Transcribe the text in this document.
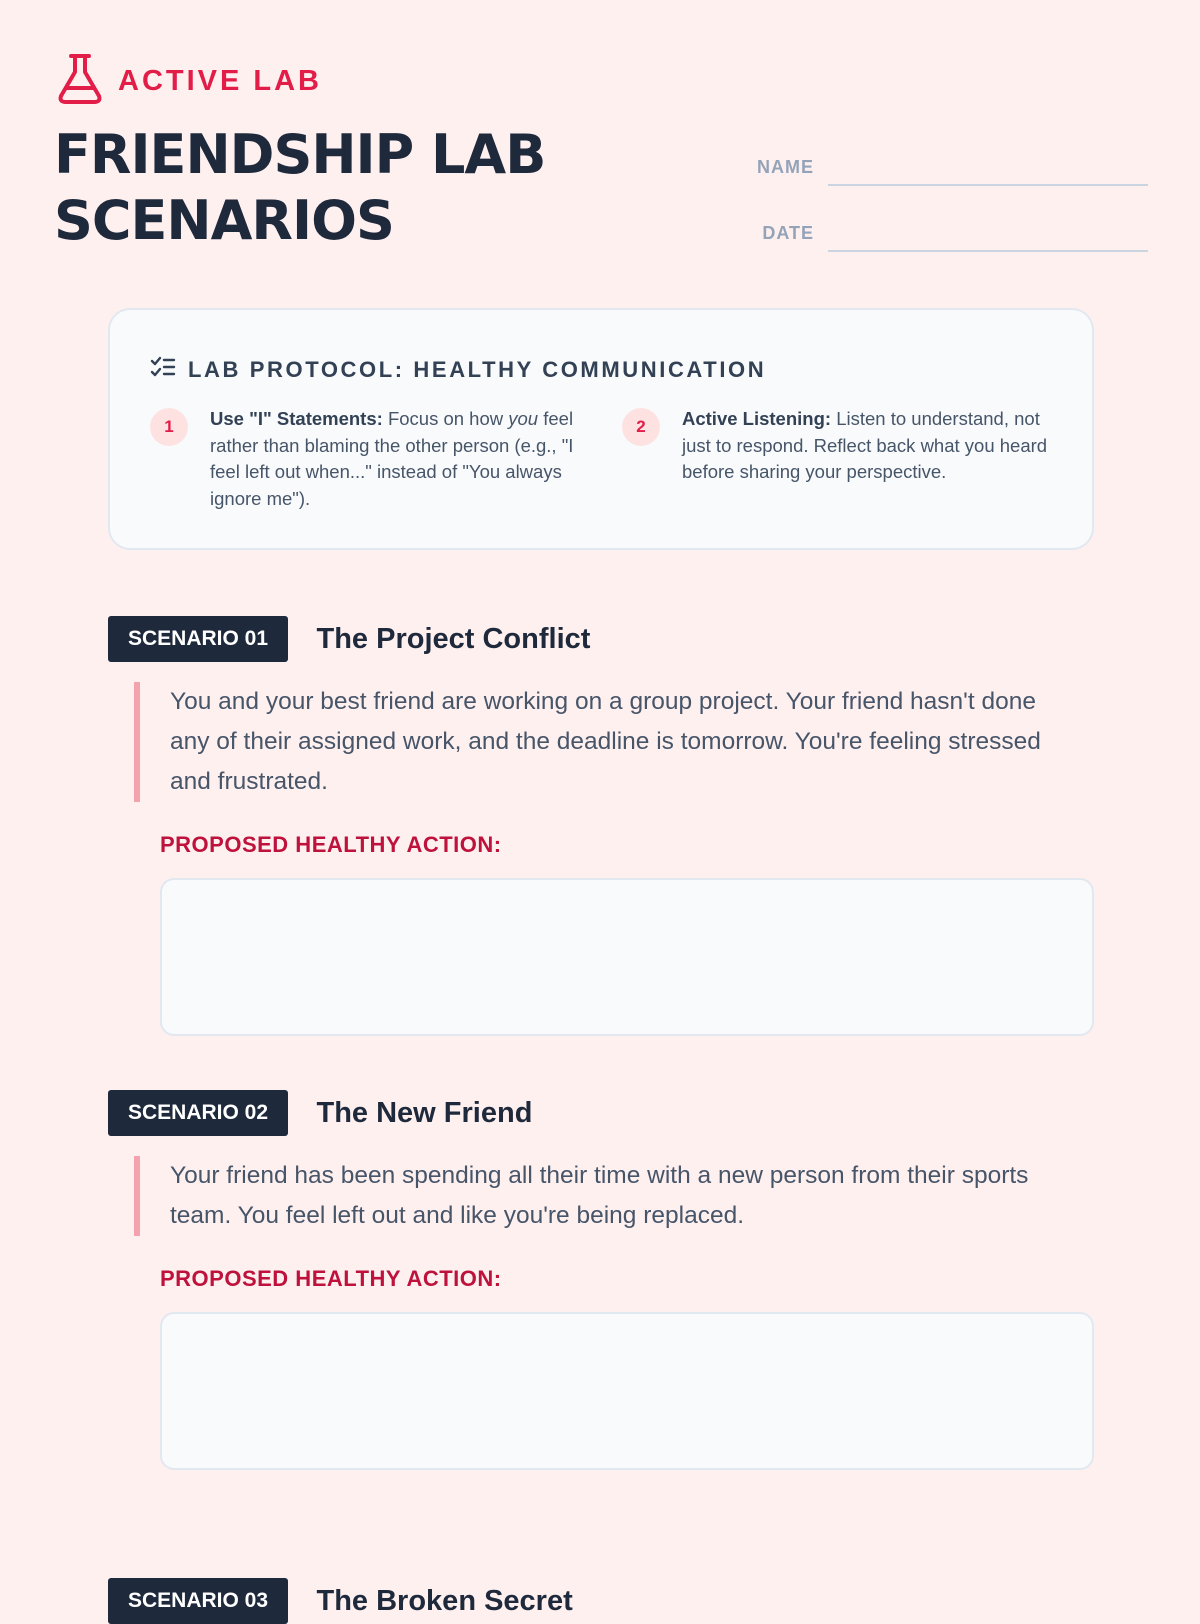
ACTIVE LAB
FRIENDSHIP LAB
SCENARIOS
NAME
DATE
LAB PROTOCOL: HEALTHY COMMUNICATION
1	Use "I" Statements: Focus on how you feel rather than blaming the other person (e.g., "I feel left out when..." instead of "You always ignore me").

2	Active Listening: Listen to understand, not just to respond. Reflect back what you heard before sharing your perspective.

SCENARIO 01 The Project Conflict

You and your best friend are working on a group project. Your friend hasn't done any of their assigned work, and the deadline is tomorrow. You're feeling stressed and frustrated.

PROPOSED HEALTHY ACTION:

SCENARIO 02 The New Friend

Your friend has been spending all their time with a new person from their sports team. You feel left out and like you're being replaced.

PROPOSED HEALTHY ACTION:

SCENARIO 03 The Broken Secret
